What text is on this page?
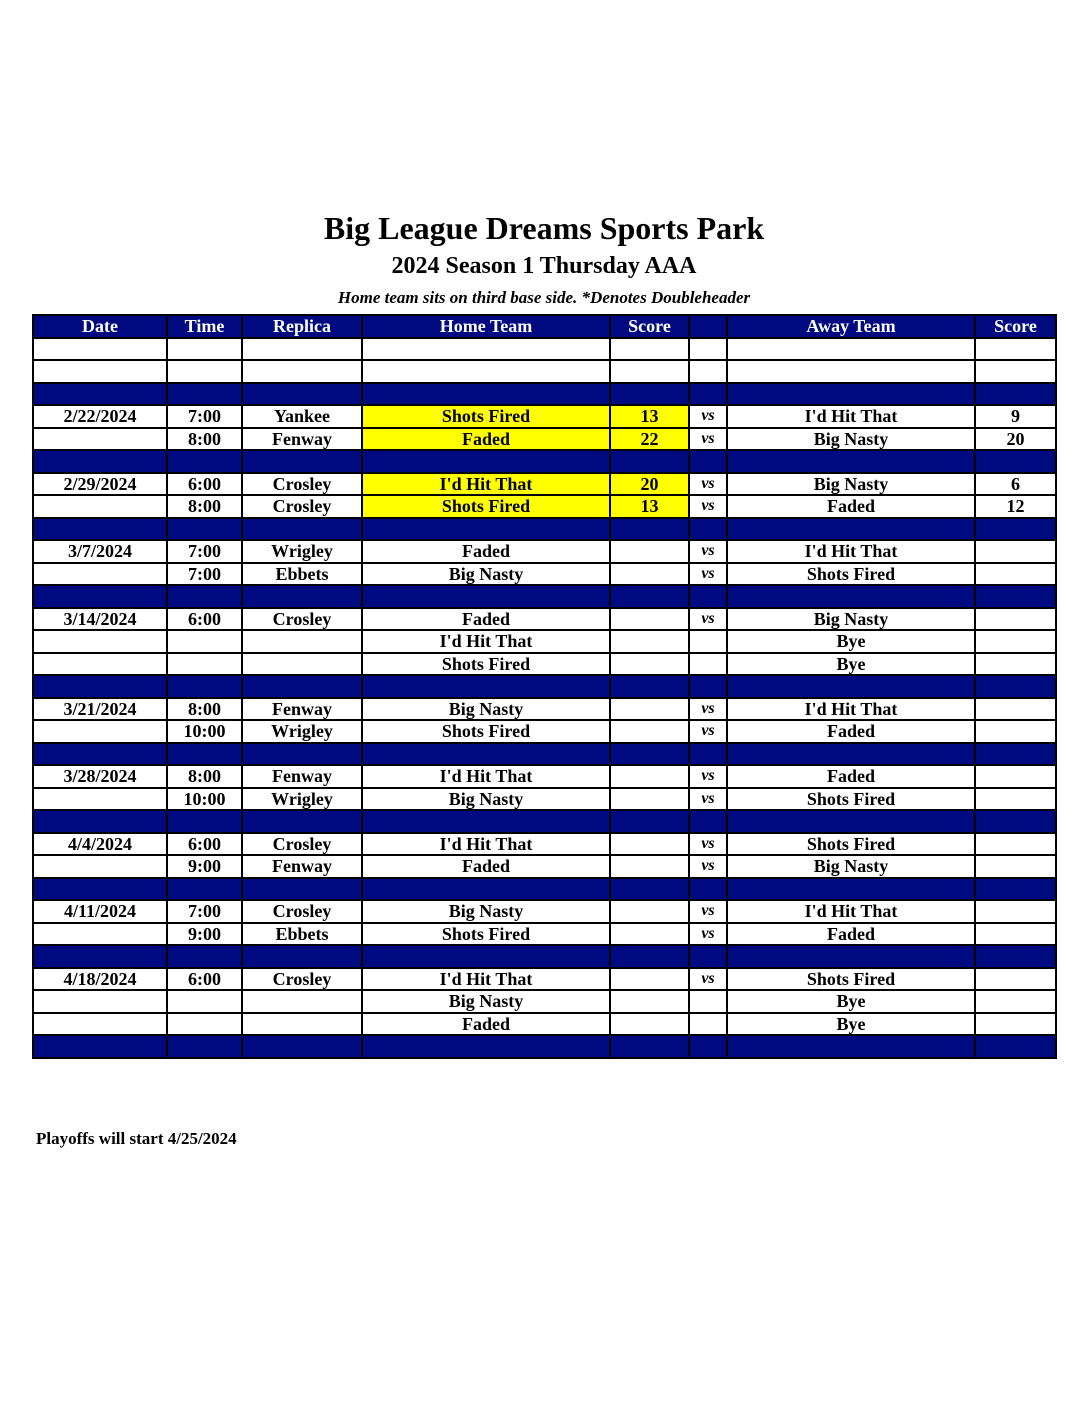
Big League Dreams Sports Park
2024 Season 1 Thursday AAA
Home team sits on third base side. *Denotes Doubleheader
Date	Time	Replica	Home Team	Score		Away Team	Score

2/22/2024	7:00	Yankee	Shots Fired	13	vs	I'd Hit That	9
	8:00	Fenway	Faded	22	vs	Big Nasty	20

2/29/2024	6:00	Crosley	I'd Hit That	20	vs	Big Nasty	6
	8:00	Crosley	Shots Fired	13	vs	Faded	12

3/7/2024	7:00	Wrigley	Faded		vs	I'd Hit That	
	7:00	Ebbets	Big Nasty		vs	Shots Fired	

3/14/2024	6:00	Crosley	Faded		vs	Big Nasty	
			I'd Hit That			Bye	
			Shots Fired			Bye	

3/21/2024	8:00	Fenway	Big Nasty		vs	I'd Hit That	
	10:00	Wrigley	Shots Fired		vs	Faded	

3/28/2024	8:00	Fenway	I'd Hit That		vs	Faded	
	10:00	Wrigley	Big Nasty		vs	Shots Fired	

4/4/2024	6:00	Crosley	I'd Hit That		vs	Shots Fired	
	9:00	Fenway	Faded		vs	Big Nasty	

4/11/2024	7:00	Crosley	Big Nasty		vs	I'd Hit That	
	9:00	Ebbets	Shots Fired		vs	Faded	

4/18/2024	6:00	Crosley	I'd Hit That		vs	Shots Fired	
			Big Nasty			Bye	
			Faded			Bye	

Playoffs will start 4/25/2024
